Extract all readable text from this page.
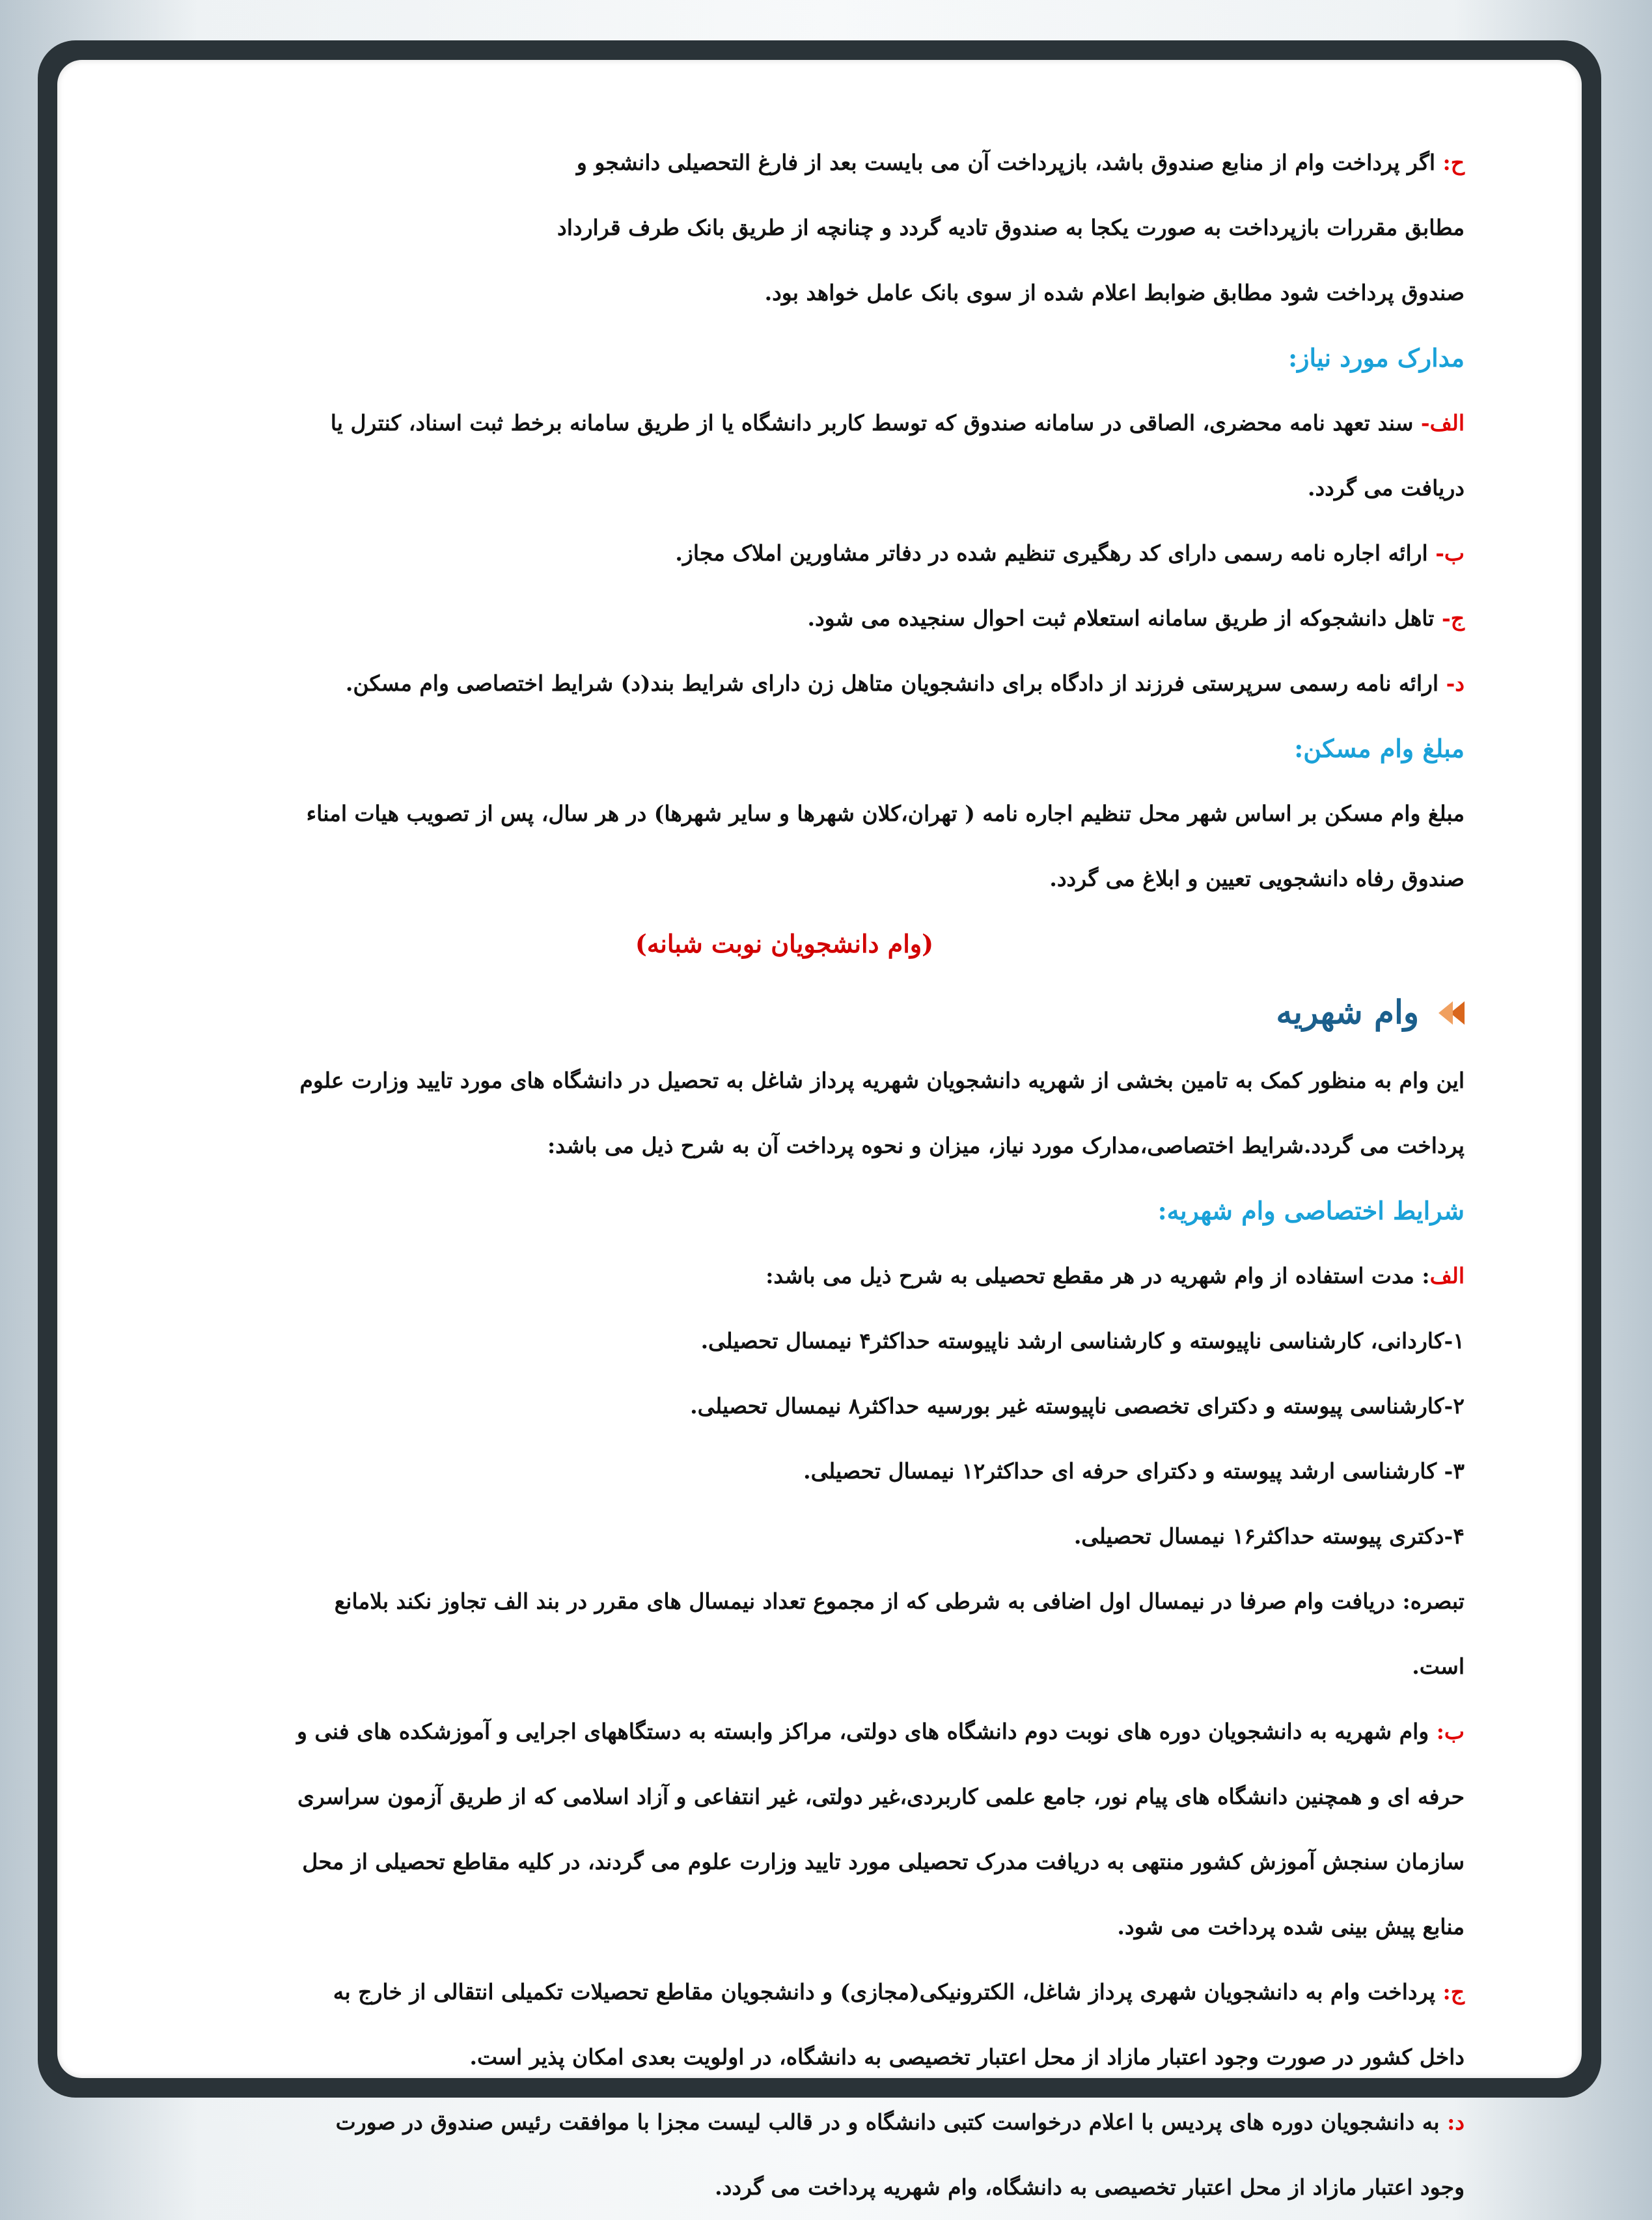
ح: اگر پرداخت وام از منابع صندوق باشد، بازپرداخت آن می بایست بعد از فارغ التحصیلی دانشجو و

مطابق مقررات بازپرداخت به صورت یکجا به صندوق تادیه گردد و چنانچه از طریق بانک طرف قرارداد

صندوق پرداخت شود مطابق ضوابط اعلام شده از سوی بانک عامل خواهد بود.

مدارک مورد نیاز:

الف- سند تعهد نامه محضری، الصاقی در سامانه صندوق که توسط کاربر دانشگاه یا از طریق سامانه برخط ثبت اسناد، کنترل یا

دریافت می گردد.

ب- ارائه اجاره نامه رسمی دارای کد رهگیری تنظیم شده در دفاتر مشاورین املاک مجاز.

ج- تاهل دانشجوکه از طریق سامانه استعلام ثبت احوال سنجیده می شود.

د- ارائه نامه رسمی سرپرستی فرزند از دادگاه برای دانشجویان متاهل زن دارای شرایط بند(د) شرایط اختصاصی وام مسکن.

مبلغ وام مسکن:

مبلغ وام مسکن بر اساس شهر محل تنظیم اجاره نامه ( تهران،کلان شهرها و سایر شهرها) در هر سال، پس از تصویب هیات امناء

صندوق رفاه دانشجویی تعیین و ابلاغ می گردد.

(وام دانشجویان نوبت شبانه)

وام شهریه

این وام به منظور کمک به تامین بخشی از شهریه دانشجویان شهریه پرداز شاغل به تحصیل در دانشگاه های مورد تایید وزارت علوم

پرداخت می گردد.شرایط اختصاصی،مدارک مورد نیاز، میزان و نحوه پرداخت آن به شرح ذیل می باشد:

شرایط اختصاصی وام شهریه:

الف: مدت استفاده از وام شهریه در هر مقطع تحصیلی به شرح ذیل می باشد:

۱-کاردانی، کارشناسی ناپیوسته و کارشناسی ارشد ناپیوسته حداکثر۴ نیمسال تحصیلی.

۲-کارشناسی پیوسته و دکترای تخصصی ناپیوسته غیر بورسیه حداکثر۸ نیمسال تحصیلی.

۳- کارشناسی ارشد پیوسته و دکترای حرفه ای حداکثر۱۲ نیمسال تحصیلی.

۴-دکتری پیوسته حداکثر۱۶ نیمسال تحصیلی.

تبصره: دریافت وام صرفا در نیمسال اول اضافی به شرطی که از مجموع تعداد نیمسال های مقرر در بند الف تجاوز نکند بلامانع

است.

ب: وام شهریه به دانشجویان دوره های نوبت دوم دانشگاه های دولتی، مراکز وابسته به دستگاههای اجرایی و آموزشکده های فنی و

حرفه ای و همچنین دانشگاه های پیام نور، جامع علمی کاربردی،غیر دولتی، غیر انتفاعی و آزاد اسلامی که از طریق آزمون سراسری

سازمان سنجش آموزش کشور منتهی به دریافت مدرک تحصیلی مورد تایید وزارت علوم می گردند، در کلیه مقاطع تحصیلی از محل

منابع پیش بینی شده پرداخت می شود.

ج: پرداخت وام به دانشجویان شهری پرداز شاغل، الکترونیکی(مجازی) و دانشجویان مقاطع تحصیلات تکمیلی انتقالی از خارج به

داخل کشور در صورت وجود اعتبار مازاد از محل اعتبار تخصیصی به دانشگاه، در اولویت بعدی امکان پذیر است.

د: به دانشجویان دوره های پردیس با اعلام درخواست کتبی دانشگاه و در قالب لیست مجزا با موافقت رئیس صندوق در صورت

وجود اعتبار مازاد از محل اعتبار تخصیصی به دانشگاه، وام شهریه پرداخت می گردد.
